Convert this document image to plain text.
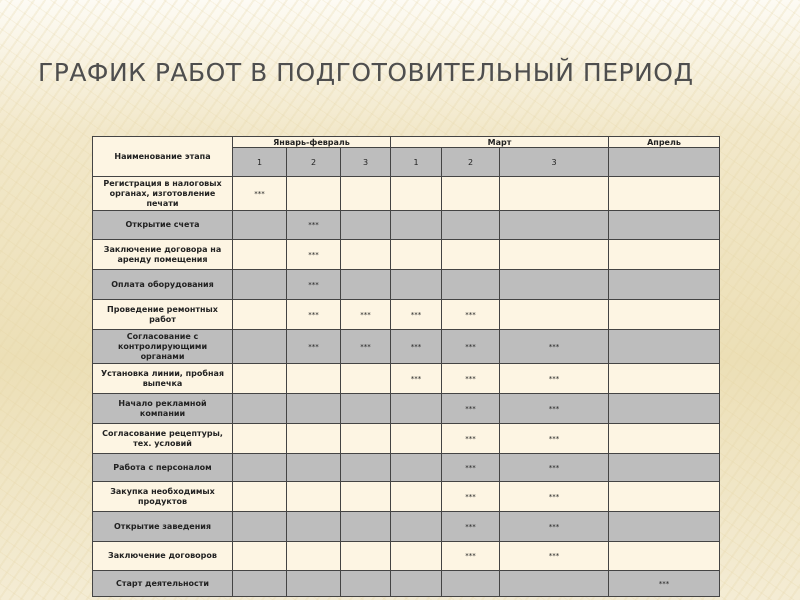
ГРАФИК РАБОТ В ПОДГОТОВИТЕЛЬНЫЙ ПЕРИОД
Наименование этапа	Январь-февраль			Март			Апрель
	1	2	3	1	2	3	
Регистрация в налоговых органах, изготовление печати	***						
Открытие счета		***					
Заключение договора на аренду помещения		***					
Оплата оборудования		***					
Проведение ремонтных работ		***	***	***	***		
Согласование с контролирующими органами		***	***	***	***	***	
Установка линии, пробная выпечка				***	***	***	
Начало рекламной компании					***	***	
Согласование рецептуры, тех. условий					***	***	
Работа с персоналом					***	***	
Закупка необходимых продуктов					***	***	
Открытие заведения					***	***	
Заключение договоров					***	***	
Старт деятельности							***
